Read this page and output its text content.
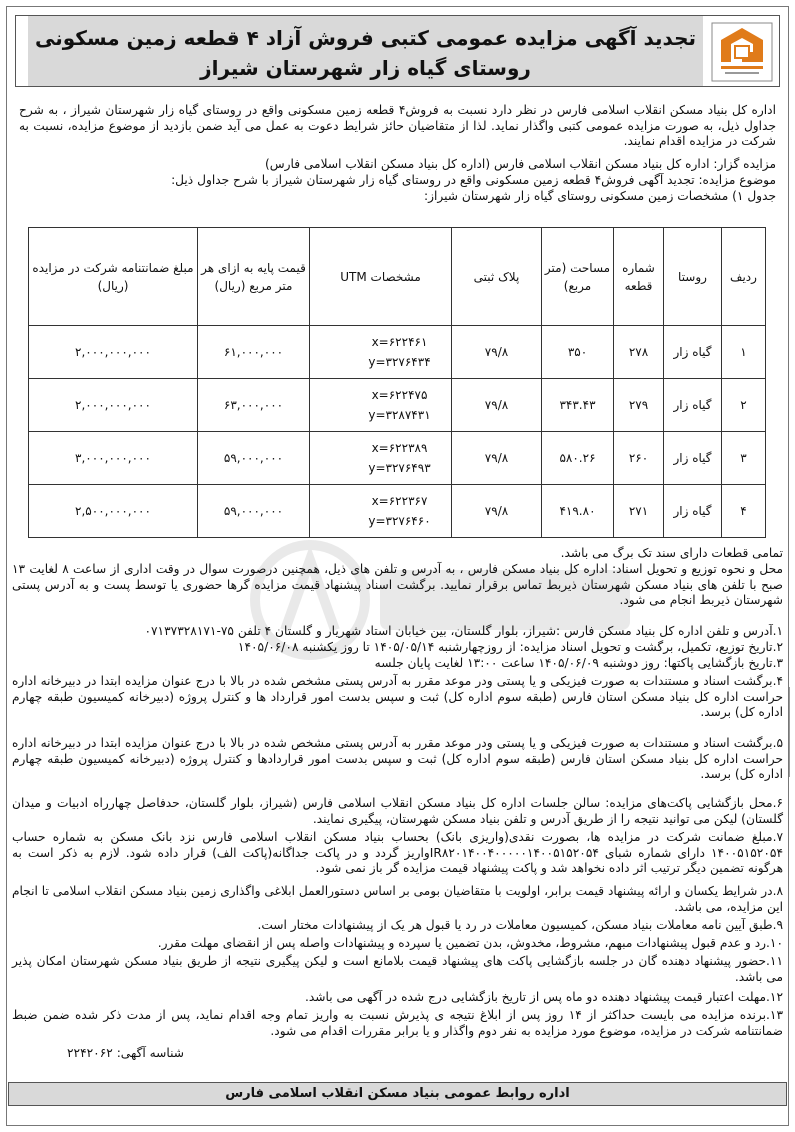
تجدید آگهی مزایده عمومی کتبی فروش آزاد ۴ قطعه زمین مسکونی
روستای گیاه زار شهرستان شیراز
اداره کل بنیاد مسکن انقلاب اسلامی فارس در نظر دارد نسبت به فروش۴ قطعه زمین مسکونی واقع در روستای گیاه زار شهرستان شیراز ، به شرح جداول ذیل، به صورت مزایده عمومی کتبی واگذار نماید. لذا از متقاضیان حائز شرایط دعوت به عمل می آید ضمن بازدید از موضوع مزایده، نسبت به شرکت در مزایده اقدام نمایند.
مزایده گزار: اداره کل بنیاد مسکن انقلاب اسلامی فارس (اداره کل بنیاد مسکن انقلاب اسلامی فارس)
موضوع مزایده: تجدید آگهی فروش۴ قطعه زمین مسکونی واقع در روستای گیاه زار شهرستان شیراز با شرح جداول ذیل:
جدول ۱) مشخصات زمین مسکونی روستای گیاه زار شهرستان شیراز:
ردیف	روستا	شماره قطعه	مساحت (متر مربع)	پلاک ثبتی	مشخصات UTM	قیمت پایه به ازای هر متر مربع (ریال)	مبلغ ضمانتنامه شرکت در مزایده (ریال)
۱	گیاه زار	۲۷۸	۳۵۰	۷۹/۸	x=۶۲۲۴۶۱
y=۳۲۷۶۴۳۴	۶۱,۰۰۰,۰۰۰	۲,۰۰۰,۰۰۰,۰۰۰
۲	گیاه زار	۲۷۹	۳۴۳.۴۳	۷۹/۸	x=۶۲۲۴۷۵
y=۳۲۸۷۴۳۱	۶۳,۰۰۰,۰۰۰	۲,۰۰۰,۰۰۰,۰۰۰
۳	گیاه زار	۲۶۰	۵۸۰.۲۶	۷۹/۸	x=۶۲۲۳۸۹
y=۳۲۷۶۴۹۳	۵۹,۰۰۰,۰۰۰	۳,۰۰۰,۰۰۰,۰۰۰
۴	گیاه زار	۲۷۱	۴۱۹.۸۰	۷۹/۸	x=۶۲۲۳۶۷
y=۳۲۷۶۴۶۰	۵۹,۰۰۰,۰۰۰	۲,۵۰۰,۰۰۰,۰۰۰
تمامی قطعات دارای سند تک برگ می باشد.
محل و نحوه توزیع و تحویل اسناد: اداره کل بنیاد مسکن فارس ، به آدرس و تلفن های ذیل، همچنین درصورت سوال در وقت اداری از ساعت ۸ لغایت ۱۳ صبح با تلفن های بنیاد مسکن شهرستان ذیربط تماس برقرار نمایید. برگشت اسناد پیشنهاد قیمت مزایده گرها حضوری یا توسط پست و به آدرس پستی شهرستان ذیربط انجام می شود.
۱.آدرس و تلفن اداره کل بنیاد مسکن فارس :شیراز، بلوار گلستان، بین خیابان استاد شهریار و گلستان ۴ تلفن ۷۵-۰۷۱۳۷۳۲۸۱۷۱
۲.تاریخ توزیع، تکمیل، برگشت و تحویل اسناد مزایده: از روزچهارشنبه ۱۴۰۵/۰۵/۱۴ تا روز یکشنبه ۱۴۰۵/۰۶/۰۸
۳.تاریخ بازگشایی پاکتها: روز دوشنبه ۱۴۰۵/۰۶/۰۹ ساعت ۱۳:۰۰ لغایت پایان جلسه
۴.برگشت اسناد و مستندات به صورت فیزیکی و یا پستی ودر موعد مقرر به آدرس پستی مشخص شده در بالا با درج عنوان مزایده ابتدا در دبیرخانه اداره حراست اداره کل بنیاد مسکن استان فارس (طبقه سوم اداره کل) ثبت و سپس بدست امور قرارداد ها و کنترل پروژه (دبیرخانه کمیسیون طبقه چهارم اداره کل) برسد.
۵.برگشت اسناد و مستندات به صورت فیزیکی و یا پستی ودر موعد مقرر به آدرس پستی مشخص شده در بالا با درج عنوان مزایده ابتدا در دبیرخانه اداره حراست اداره کل بنیاد مسکن استان فارس (طبقه سوم اداره کل) ثبت و سپس بدست امور قراردادها و کنترل پروژه (دبیرخانه کمیسیون طبقه چهارم اداره کل) برسد.
۶.محل بازگشایی پاکت‌های مزایده: سالن جلسات اداره کل بنیاد مسکن انقلاب اسلامی فارس (شیراز، بلوار گلستان، حدفاصل چهارراه ادبیات و میدان گلستان) لیکن می توانید نتیجه را از طریق آدرس و تلفن بنیاد مسکن شهرستان، پیگیری نمایند.
۷.مبلغ ضمانت شرکت در مزایده ها، بصورت نقدی(واریزی بانک) بحساب بنیاد مسکن انقلاب اسلامی فارس نزد بانک مسکن به شماره حساب ۱۴۰۰۵۱۵۲۰۵۴ دارای شماره شبای IR۸۲۰۱۴۰۰۴۰۰۰۰۰۱۴۰۰۵۱۵۲۰۵۴واریز گردد و در پاکت جداگانه(پاکت الف) قرار داده شود. لازم به ذکر است به هرگونه تضمین دیگر ترتیب اثر داده نخواهد شد و پاکت پیشنهاد قیمت مزایده گر باز نمی شود.
۸.در شرایط یکسان و ارائه پیشنهاد قیمت برابر، اولویت با متقاضیان بومی بر اساس دستورالعمل ابلاغی واگذاری زمین بنیاد مسکن انقلاب اسلامی تا انجام این مزایده، می باشد.
۹.طبق آیین نامه معاملات بنیاد مسکن، کمیسیون معاملات در رد یا قبول هر یک از پیشنهادات مختار است.
۱۰.رد و عدم قبول پیشنهادات مبهم، مشروط، مخدوش، بدن تضمین یا سپرده و پیشنهادات واصله پس از انقضای مهلت مقرر.
۱۱.حضور پیشنهاد دهنده گان در جلسه بازگشایی پاکت های پیشنهاد قیمت بلامانع است و لیکن پیگیری نتیجه از طریق بنیاد مسکن شهرستان امکان پذیر می باشد.
۱۲.مهلت اعتبار قیمت پیشنهاد دهنده دو ماه پس از تاریخ بازگشایی درج شده در آگهی می باشد.
۱۳.برنده مزایده می بایست حداکثر از ۱۴ روز پس از ابلاغ نتیجه ی پذیرش نسبت به واریز تمام وجه اقدام نماید، پس از مدت ذکر شده ضمن ضبط ضمانتنامه شرکت در مزایده، موضوع مورد مزایده به نفر دوم واگذار و یا برابر مقررات اقدام می شود.
شناسه آگهی: ۲۲۴۲۰۶۲
اداره روابط عمومی بنیاد مسکن انقلاب اسلامی فارس
